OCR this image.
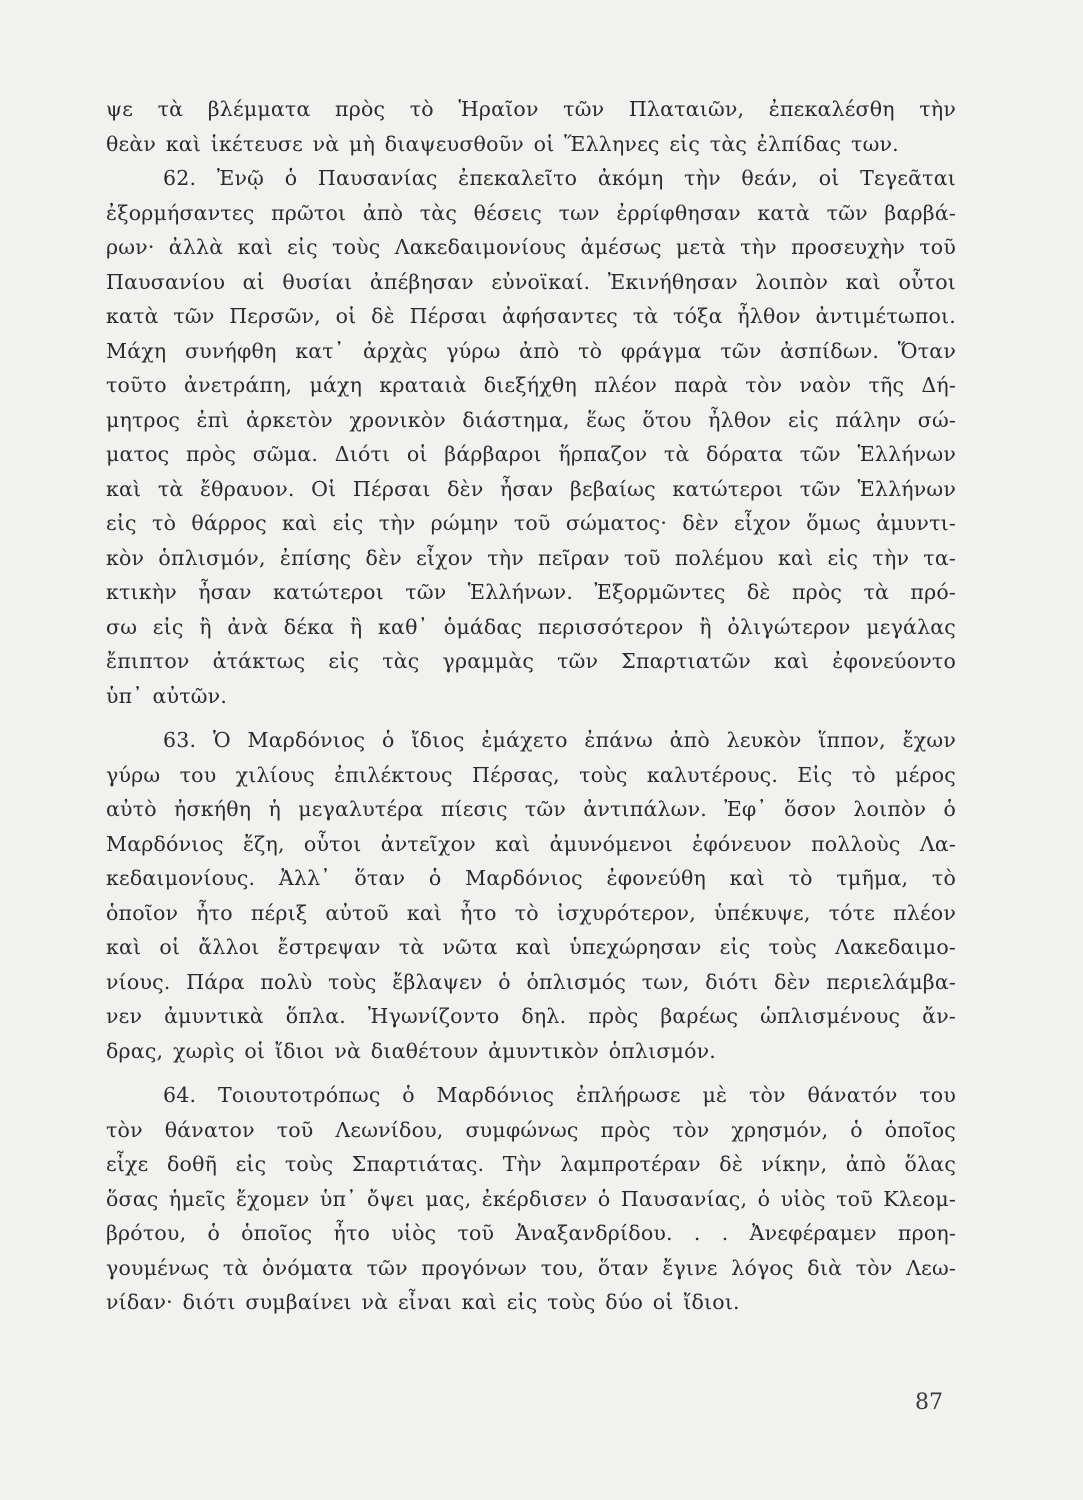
ψε τὰ βλέμματα πρὸς τὸ Ἡραῖον τῶν Πλαταιῶν, ἐπεκαλέσθη τὴν
θεὰν καὶ ἱκέτευσε νὰ μὴ διαψευσθοῦν οἱ Ἕλληνες εἰς τὰς ἐλπίδας των.
62. Ἐνῷ ὁ Παυσανίας ἐπεκαλεῖτο ἀκόμη τὴν θεάν, οἱ Τεγεᾶται
ἐξορμήσαντες πρῶτοι ἀπὸ τὰς θέσεις των ἐρρίφθησαν κατὰ τῶν βαρβά-
ρων· ἀλλὰ καὶ εἰς τοὺς Λακεδαιμονίους ἀμέσως μετὰ τὴν προσευχὴν τοῦ
Παυσανίου αἱ θυσίαι ἀπέβησαν εὐνοϊκαί. Ἐκινήθησαν λοιπὸν καὶ οὗτοι
κατὰ τῶν Περσῶν, οἱ δὲ Πέρσαι ἀφήσαντες τὰ τόξα ἦλθον ἀντιμέτωποι.
Μάχη συνήφθη κατ᾽ ἀρχὰς γύρω ἀπὸ τὸ φράγμα τῶν ἀσπίδων. Ὅταν
τοῦτο ἀνετράπη, μάχη κραταιὰ διεξήχθη πλέον παρὰ τὸν ναὸν τῆς Δή-
μητρος ἐπὶ ἀρκετὸν χρονικὸν διάστημα, ἕως ὅτου ἦλθον εἰς πάλην σώ-
ματος πρὸς σῶμα. Διότι οἱ βάρβαροι ἥρπαζον τὰ δόρατα τῶν Ἑλλήνων
καὶ τὰ ἔθραυον. Οἱ Πέρσαι δὲν ἦσαν βεβαίως κατώτεροι τῶν Ἑλλήνων
εἰς τὸ θάρρος καὶ εἰς τὴν ρώμην τοῦ σώματος· δὲν εἶχον ὅμως ἀμυντι-
κὸν ὁπλισμόν, ἐπίσης δὲν εἶχον τὴν πεῖραν τοῦ πολέμου καὶ εἰς τὴν τα-
κτικὴν ἦσαν κατώτεροι τῶν Ἑλλήνων. Ἐξορμῶντες δὲ πρὸς τὰ πρό-
σω εἰς ἢ ἀνὰ δέκα ἢ καθ᾽ ὁμάδας περισσότερον ἢ ὀλιγώτερον μεγάλας
ἔπιπτον ἀτάκτως εἰς τὰς γραμμὰς τῶν Σπαρτιατῶν καὶ ἐφονεύοντο
ὑπ᾽ αὐτῶν.
63. Ὁ Μαρδόνιος ὁ ἴδιος ἐμάχετο ἐπάνω ἀπὸ λευκὸν ἵππον, ἔχων
γύρω του χιλίους ἐπιλέκτους Πέρσας, τοὺς καλυτέρους. Εἰς τὸ μέρος
αὐτὸ ἠσκήθη ἡ μεγαλυτέρα πίεσις τῶν ἀντιπάλων. Ἐφ᾽ ὅσον λοιπὸν ὁ
Μαρδόνιος ἔζη, οὗτοι ἀντεῖχον καὶ ἀμυνόμενοι ἐφόνευον πολλοὺς Λα-
κεδαιμονίους. Ἀλλ᾽ ὅταν ὁ Μαρδόνιος ἐφονεύθη καὶ τὸ τμῆμα, τὸ
ὁποῖον ἦτο πέριξ αὐτοῦ καὶ ἦτο τὸ ἰσχυρότερον, ὑπέκυψε, τότε πλέον
καὶ οἱ ἄλλοι ἔστρεψαν τὰ νῶτα καὶ ὑπεχώρησαν εἰς τοὺς Λακεδαιμο-
νίους. Πάρα πολὺ τοὺς ἔβλαψεν ὁ ὁπλισμός των, διότι δὲν περιελάμβα-
νεν ἀμυντικὰ ὅπλα. Ἠγωνίζοντο δηλ. πρὸς βαρέως ὡπλισμένους ἄν-
δρας, χωρὶς οἱ ἴδιοι νὰ διαθέτουν ἀμυντικὸν ὁπλισμόν.
64. Τοιουτοτρόπως ὁ Μαρδόνιος ἐπλήρωσε μὲ τὸν θάνατόν του
τὸν θάνατον τοῦ Λεωνίδου, συμφώνως πρὸς τὸν χρησμόν, ὁ ὁποῖος
εἶχε δοθῆ εἰς τοὺς Σπαρτιάτας. Τὴν λαμπροτέραν δὲ νίκην, ἀπὸ ὅλας
ὅσας ἡμεῖς ἔχομεν ὑπ᾽ ὄψει μας, ἐκέρδισεν ὁ Παυσανίας, ὁ υἱὸς τοῦ Κλεομ-
βρότου, ὁ ὁποῖος ἦτο υἱὸς τοῦ Ἀναξανδρίδου. . . Ἀνεφέραμεν προη-
γουμένως τὰ ὀνόματα τῶν προγόνων του, ὅταν ἔγινε λόγος διὰ τὸν Λεω-
νίδαν· διότι συμβαίνει νὰ εἶναι καὶ εἰς τοὺς δύο οἱ ἴδιοι.
87
